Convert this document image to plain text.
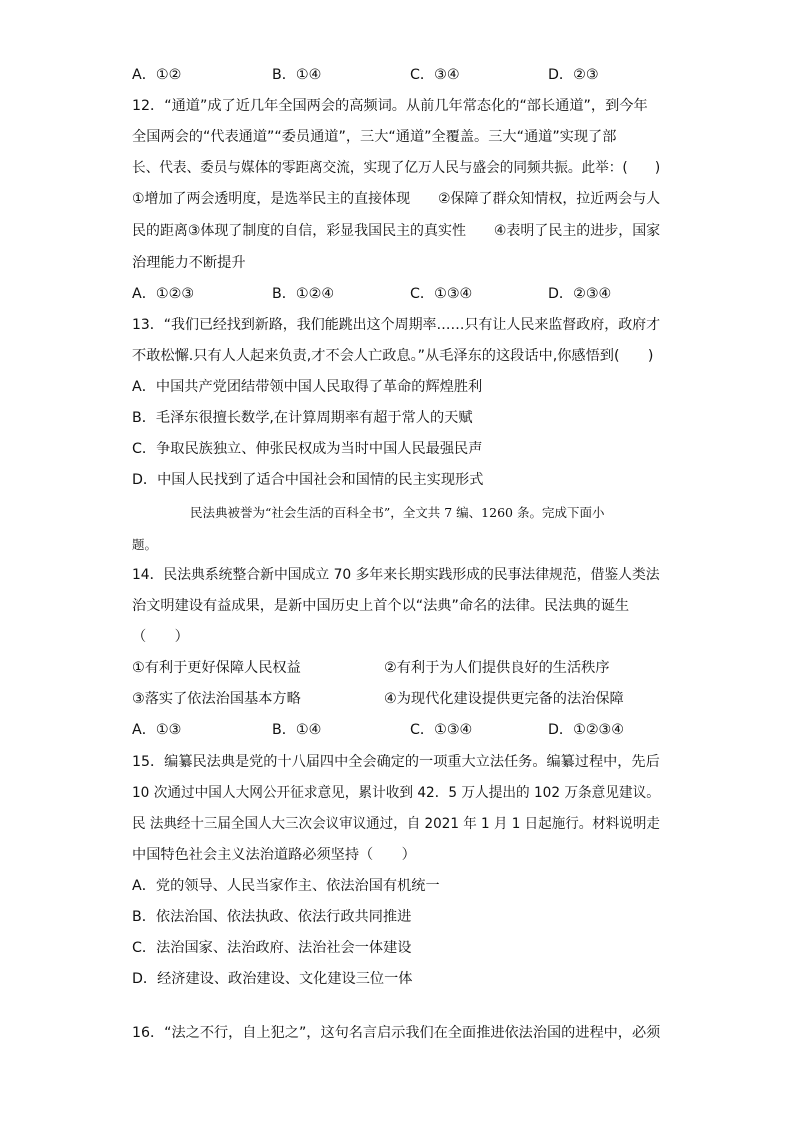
A．①②	B．①④	C．③④	D．②③
12．“通道”成了近几年全国两会的高频词。从前几年常态化的“部长通道”，到今年
全国两会的“代表通道”“委员通道”，三大“通道”全覆盖。三大“通道”实现了部
长、代表、委员与媒体的零距离交流，实现了亿万人民与盛会的同频共振。此举：(　　)
①增加了两会透明度，是选举民主的直接体现　　②保障了群众知情权，拉近两会与人
民的距离③体现了制度的自信，彩显我国民主的真实性　　④表明了民主的进步，国家
治理能力不断提升
A．①②③	B．①②④	C．①③④	D．②③④
13．“我们已经找到新路，我们能跳出这个周期率……只有让人民来监督政府，政府才
不敢松懈.只有人人起来负责,才不会人亡政息。”从毛泽东的这段话中,你感悟到(　　)
A．中国共产党团结带领中国人民取得了革命的辉煌胜利
B．毛泽东很擅长数学,在计算周期率有超于常人的天赋
C．争取民族独立、伸张民权成为当时中国人民最强民声
D．中国人民找到了适合中国社会和国情的民主实现形式
民法典被誉为“社会生活的百科全书”，全文共 7 编、1260 条。完成下面小
题。
14．民法典系统整合新中国成立 70 多年来长期实践形成的民事法律规范，借鉴人类法
治文明建设有益成果，是新中国历史上首个以“法典”命名的法律。民法典的诞生
（　　）
①有利于更好保障人民权益	②有利于为人们提供良好的生活秩序
③落实了依法治国基本方略	④为现代化建设提供更完备的法治保障
A．①③	B．①④	C．①③④	D．①②③④
15．编纂民法典是党的十八届四中全会确定的一项重大立法任务。编纂过程中，先后
10 次通过中国人大网公开征求意见，累计收到 42．5 万人提出的 102 万条意见建议。
民 法典经十三届全国人大三次会议审议通过，自 2021 年 1 月 1 日起施行。材料说明走
中国特色社会主义法治道路必须坚持（　　）
A．党的领导、人民当家作主、依法治国有机统一
B．依法治国、依法执政、依法行政共同推进
C．法治国家、法治政府、法治社会一体建设
D．经济建设、政治建设、文化建设三位一体
16．“法之不行，自上犯之”，这句名言启示我们在全面推进依法治国的进程中，必须
